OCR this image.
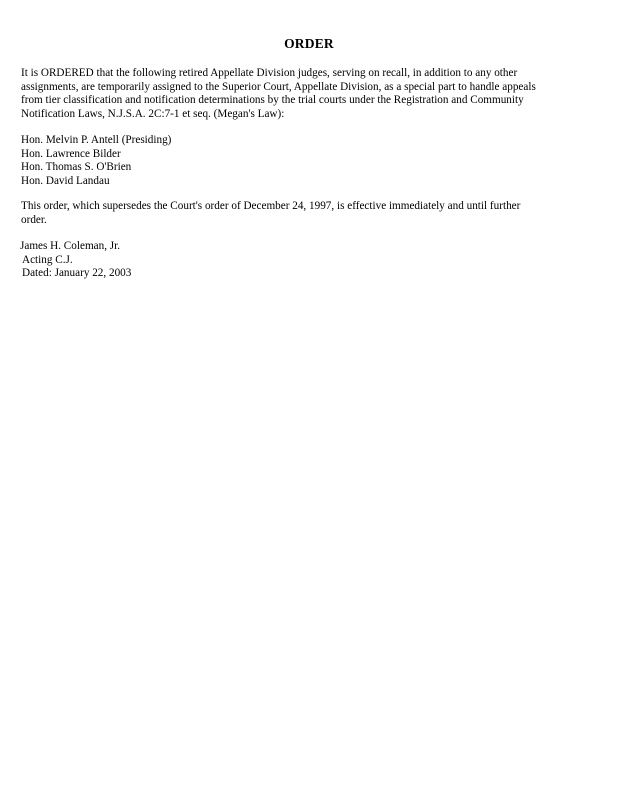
ORDER
It is ORDERED that the following retired Appellate Division judges, serving on recall, in addition to any other
assignments, are temporarily assigned to the Superior Court, Appellate Division, as a special part to handle appeals
from tier classification and notification determinations by the trial courts under the Registration and Community
Notification Laws, N.J.S.A. 2C:7-1 et seq. (Megan's Law):
Hon. Melvin P. Antell (Presiding)
Hon. Lawrence Bilder
Hon. Thomas S. O'Brien
Hon. David Landau
This order, which supersedes the Court's order of December 24, 1997, is effective immediately and until further
order.
James H. Coleman, Jr.
Acting C.J.
Dated: January 22, 2003
